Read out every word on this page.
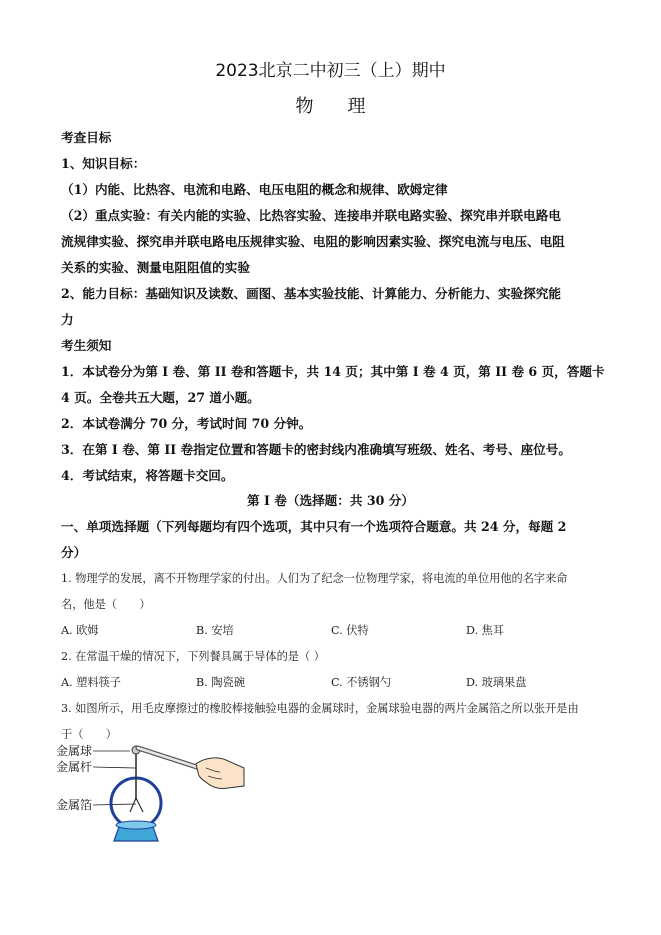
2023北京二中初三（上）期中
物理
考查目标
1、知识目标：
（1）内能、比热容、电流和电路、电压电阻的概念和规律、欧姆定律
（2）重点实验：有关内能的实验、比热容实验、连接串并联电路实验、探究串并联电路电
流规律实验、探究串并联电路电压规律实验、电阻的影响因素实验、探究电流与电压、电阻
关系的实验、测量电阻阻值的实验
2、能力目标：基础知识及读数、画图、基本实验技能、计算能力、分析能力、实验探究能
力
考生须知
1．本试卷分为第 I 卷、第 II 卷和答题卡，共 14 页；其中第 I 卷 4 页，第 II 卷 6 页，答题卡
4 页。全卷共五大题，27 道小题。
2．本试卷满分 70 分，考试时间 70 分钟。
3．在第 I 卷、第 II 卷指定位置和答题卡的密封线内准确填写班级、姓名、考号、座位号。
4．考试结束，将答题卡交回。
第 I 卷（选择题：共 30 分）
一、单项选择题（下列每题均有四个选项，其中只有一个选项符合题意。共 24 分，每题 2
分）
1. 物理学的发展，离不开物理学家的付出。人们为了纪念一位物理学家，将电流的单位用他的名字来命
名，他是（　　）
A. 欧姆	B. 安培	C. 伏特	D. 焦耳
2. 在常温干燥的情况下，下列餐具属于导体的是（ ）
A. 塑料筷子	B. 陶瓷碗	C. 不锈钢勺	D. 玻璃果盘
3. 如图所示，用毛皮摩擦过的橡胶棒接触验电器的金属球时，金属球验电器的两片金属箔之所以张开是由
于（　　）
金属球
金属杆
金属箔
